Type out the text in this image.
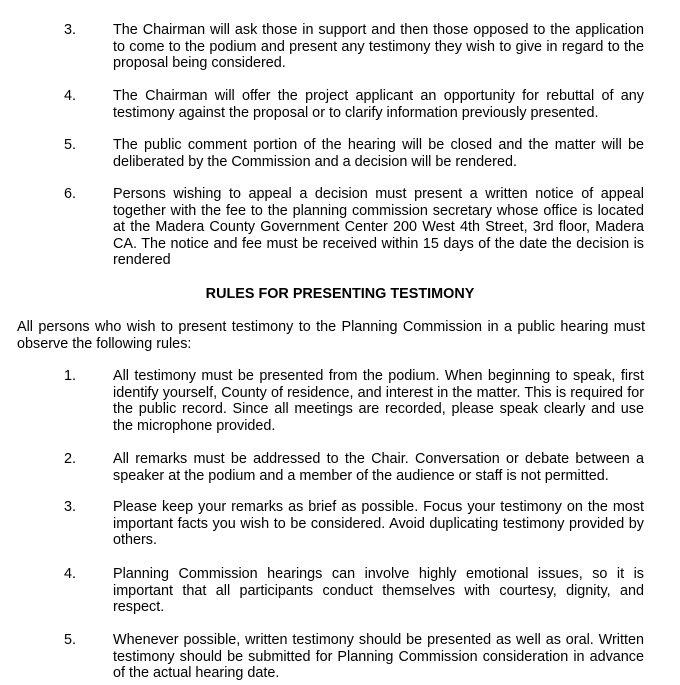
3.	The Chairman will ask those in support and then those opposed to the application to come to the podium and present any testimony they wish to give in regard to the proposal being considered.
4.	The Chairman will offer the project applicant an opportunity for rebuttal of any testimony against the proposal or to clarify information previously presented.
5.	The public comment portion of the hearing will be closed and the matter will be deliberated by the Commission and a decision will be rendered.
6.	Persons wishing to appeal a decision must present a written notice of appeal together with the fee to the planning commission secretary whose office is located at the Madera County Government Center 200 West 4th Street, 3rd floor, Madera CA. The notice and fee must be received within 15 days of the date the decision is rendered
RULES FOR PRESENTING TESTIMONY
All persons who wish to present testimony to the Planning Commission in a public hearing must observe the following rules:
1.	All testimony must be presented from the podium. When beginning to speak, first identify yourself, County of residence, and interest in the matter. This is required for the public record. Since all meetings are recorded, please speak clearly and use the microphone provided.
2.	All remarks must be addressed to the Chair. Conversation or debate between a speaker at the podium and a member of the audience or staff is not permitted.
3.	Please keep your remarks as brief as possible. Focus your testimony on the most important facts you wish to be considered. Avoid duplicating testimony provided by others.
4.	Planning Commission hearings can involve highly emotional issues, so it is important that all participants conduct themselves with courtesy, dignity, and respect.
5.	Whenever possible, written testimony should be presented as well as oral. Written testimony should be submitted for Planning Commission consideration in advance of the actual hearing date.
